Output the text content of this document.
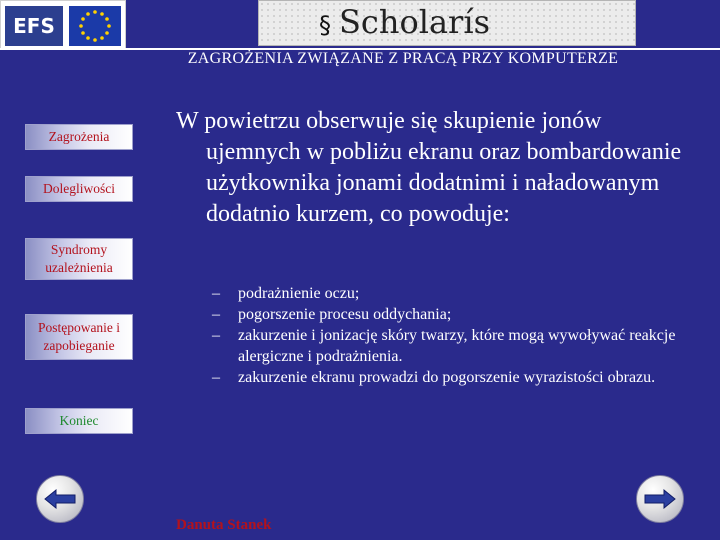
EFS	§ Scholarís
ZAGROŻENIA ZWIĄZANE Z PRACĄ PRZY KOMPUTERZE
Zagrożenia
Dolegliwości
Syndromy uzależnienia
Postępowanie i zapobieganie
Koniec
W powietrzu obserwuje się skupienie jonów
ujemnych w pobliżu ekranu oraz bombardowanie użytkownika jonami dodatnimi i naładowanym dodatnio kurzem, co powoduje:
– podrażnienie oczu;
– pogorszenie procesu oddychania;
– zakurzenie i jonizację skóry twarzy, które mogą wywoływać reakcje alergiczne i podrażnienia.
– zakurzenie ekranu prowadzi do pogorszenie wyrazistości obrazu.
Danuta Stanek
